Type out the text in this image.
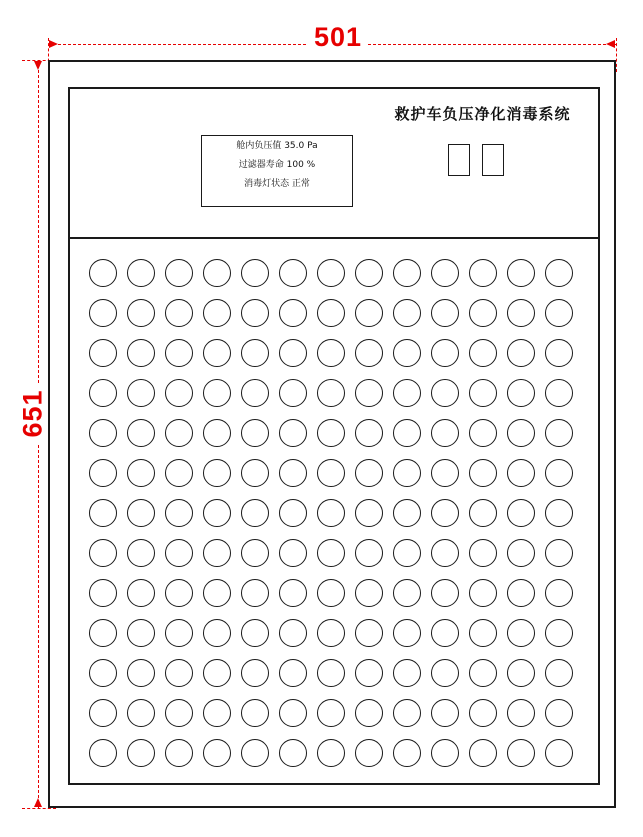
501
651
救护车负压净化消毒系统
舱内负压值 35.0 Pa
过滤器寿命 100 %
消毒灯状态 正常
